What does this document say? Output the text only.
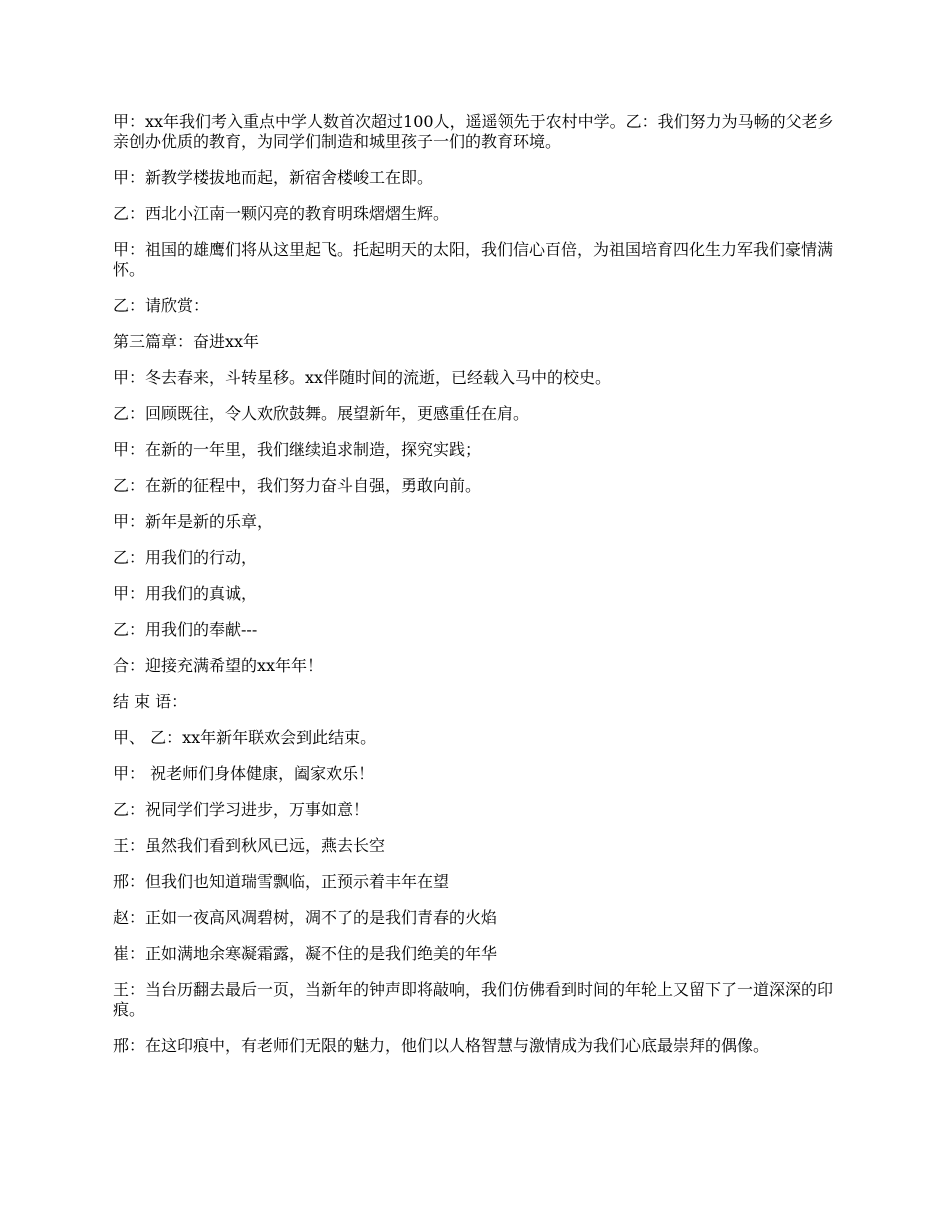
甲：xx年我们考入重点中学人数首次超过100人，遥遥领先于农村中学。乙：我们努力为马畅的父老乡亲创办优质的教育，为同学们制造和城里孩子一们的教育环境。

甲：新教学楼拔地而起，新宿舍楼峻工在即。

乙：西北小江南一颗闪亮的教育明珠熠熠生辉。

甲：祖国的雄鹰们将从这里起飞。托起明天的太阳，我们信心百倍，为祖国培育四化生力军我们豪情满怀。

乙：请欣赏：

第三篇章：奋进xx年

甲：冬去春来，斗转星移。xx伴随时间的流逝，已经载入马中的校史。

乙：回顾既往，令人欢欣鼓舞。展望新年，更感重任在肩。

甲：在新的一年里，我们继续追求制造，探究实践；

乙：在新的征程中，我们努力奋斗自强，勇敢向前。

甲：新年是新的乐章，

乙：用我们的行动，

甲：用我们的真诚，

乙：用我们的奉献---

合：迎接充满希望的xx年年！

结 束 语：

甲、 乙：xx年新年联欢会到此结束。

甲： 祝老师们身体健康，阖家欢乐！

乙：祝同学们学习进步，万事如意！

王：虽然我们看到秋风已远，燕去长空

邢：但我们也知道瑞雪飘临，正预示着丰年在望

赵：正如一夜高风凋碧树，凋不了的是我们青春的火焰

崔：正如满地余寒凝霜露，凝不住的是我们绝美的年华

王：当台历翻去最后一页，当新年的钟声即将敲响，我们仿佛看到时间的年轮上又留下了一道深深的印痕。

邢：在这印痕中，有老师们无限的魅力，他们以人格智慧与激情成为我们心底最崇拜的偶像。
